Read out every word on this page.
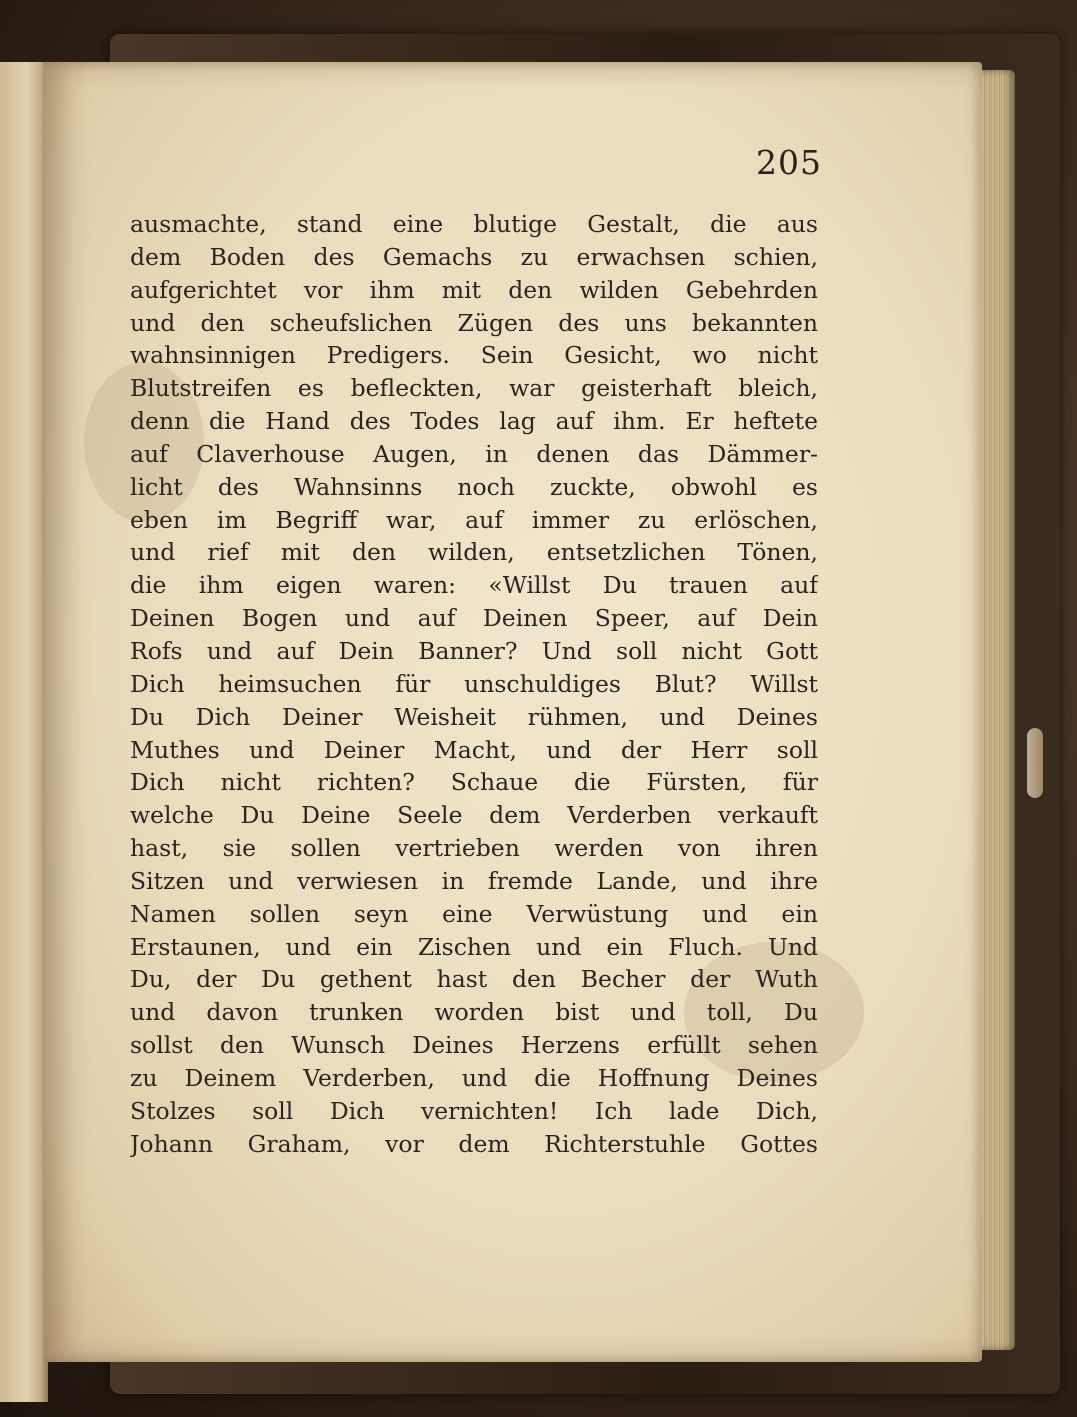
205
ausmachte, stand eine blutige Gestalt, die aus
dem Boden des Gemachs zu erwachsen schien,
aufgerichtet vor ihm mit den wilden Gebehrden
und den scheufslichen Zügen des uns bekannten
wahnsinnigen Predigers. Sein Gesicht, wo nicht
Blutstreifen es befleckten, war geisterhaft bleich,
denn die Hand des Todes lag auf ihm. Er heftete
auf Claverhouse Augen, in denen das Dämmer-
licht des Wahnsinns noch zuckte, obwohl es
eben im Begriff war, auf immer zu erlöschen,
und rief mit den wilden, entsetzlichen Tönen,
die ihm eigen waren: «Willst Du trauen auf
Deinen Bogen und auf Deinen Speer, auf Dein
Rofs und auf Dein Banner? Und soll nicht Gott
Dich heimsuchen für unschuldiges Blut? Willst
Du Dich Deiner Weisheit rühmen, und Deines
Muthes und Deiner Macht, und der Herr soll
Dich nicht richten? Schaue die Fürsten, für
welche Du Deine Seele dem Verderben verkauft
hast, sie sollen vertrieben werden von ihren
Sitzen und verwiesen in fremde Lande, und ihre
Namen sollen seyn eine Verwüstung und ein
Erstaunen, und ein Zischen und ein Fluch. Und
Du, der Du gethent hast den Becher der Wuth
und davon trunken worden bist und toll, Du
sollst den Wunsch Deines Herzens erfüllt sehen
zu Deinem Verderben, und die Hoffnung Deines
Stolzes soll Dich vernichten! Ich lade Dich,
Johann Graham, vor dem Richterstuhle Gottes
